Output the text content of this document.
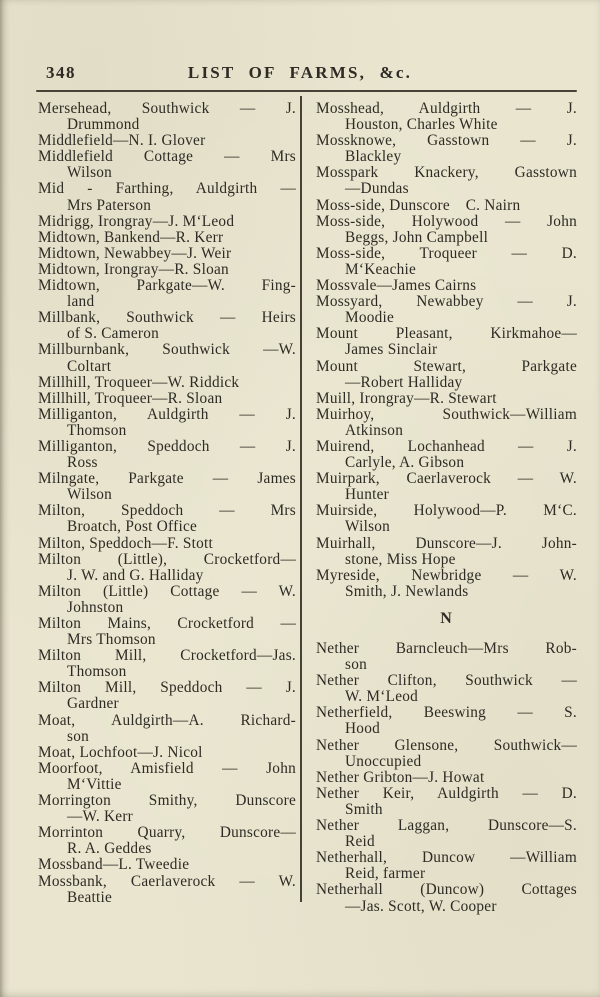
348	LIST OF FARMS, &c.
Mersehead, Southwick — J.
Drummond
Middlefield—N. I. Glover
Middlefield Cottage — Mrs
Wilson
Mid - Farthing, Auldgirth —
Mrs Paterson
Midrigg, Irongray—J. M‘Leod
Midtown, Bankend—R. Kerr
Midtown, Newabbey—J. Weir
Midtown, Irongray—R. Sloan
Midtown, Parkgate—W. Fing-
land
Millbank, Southwick — Heirs
of S. Cameron
Millburnbank, Southwick —W.
Coltart
Millhill, Troqueer—W. Riddick
Millhill, Troqueer—R. Sloan
Milliganton, Auldgirth — J.
Thomson
Milliganton, Speddoch — J.
Ross
Milngate, Parkgate — James
Wilson
Milton, Speddoch — Mrs
Broatch, Post Office
Milton, Speddoch—F. Stott
Milton (Little), Crocketford—
J. W. and G. Halliday
Milton (Little) Cottage — W.
Johnston
Milton Mains, Crocketford —
Mrs Thomson
Milton Mill, Crocketford—Jas.
Thomson
Milton Mill, Speddoch — J.
Gardner
Moat, Auldgirth—A. Richard-
son
Moat, Lochfoot—J. Nicol
Moorfoot, Amisfield — John
M‘Vittie
Morrington Smithy, Dunscore
—W. Kerr
Morrinton Quarry, Dunscore—
R. A. Geddes
Mossband—L. Tweedie
Mossbank, Caerlaverock — W.
Beattie
Mosshead, Auldgirth — J.
Houston, Charles White
Mossknowe, Gasstown — J.
Blackley
Mosspark Knackery, Gasstown
—Dundas
Moss-side, Dunscore  C. Nairn
Moss-side, Holywood — John
Beggs, John Campbell
Moss-side, Troqueer — D.
M‘Keachie
Mossvale—James Cairns
Mossyard, Newabbey — J.
Moodie
Mount Pleasant, Kirkmahoe—
James Sinclair
Mount Stewart, Parkgate
—Robert Halliday
Muill, Irongray—R. Stewart
Muirhoy, Southwick—William
Atkinson
Muirend, Lochanhead — J.
Carlyle, A. Gibson
Muirpark, Caerlaverock — W.
Hunter
Muirside, Holywood—P. M‘C.
Wilson
Muirhall, Dunscore—J. John-
stone, Miss Hope
Myreside, Newbridge — W.
Smith, J. Newlands
N
Nether Barncleuch—Mrs Rob-
son
Nether Clifton, Southwick —
W. M‘Leod
Netherfield, Beeswing — S.
Hood
Nether Glensone, Southwick—
Unoccupied
Nether Gribton—J. Howat
Nether Keir, Auldgirth — D.
Smith
Nether Laggan, Dunscore—S.
Reid
Netherhall, Duncow —William
Reid, farmer
Netherhall (Duncow) Cottages
—Jas. Scott, W. Cooper
